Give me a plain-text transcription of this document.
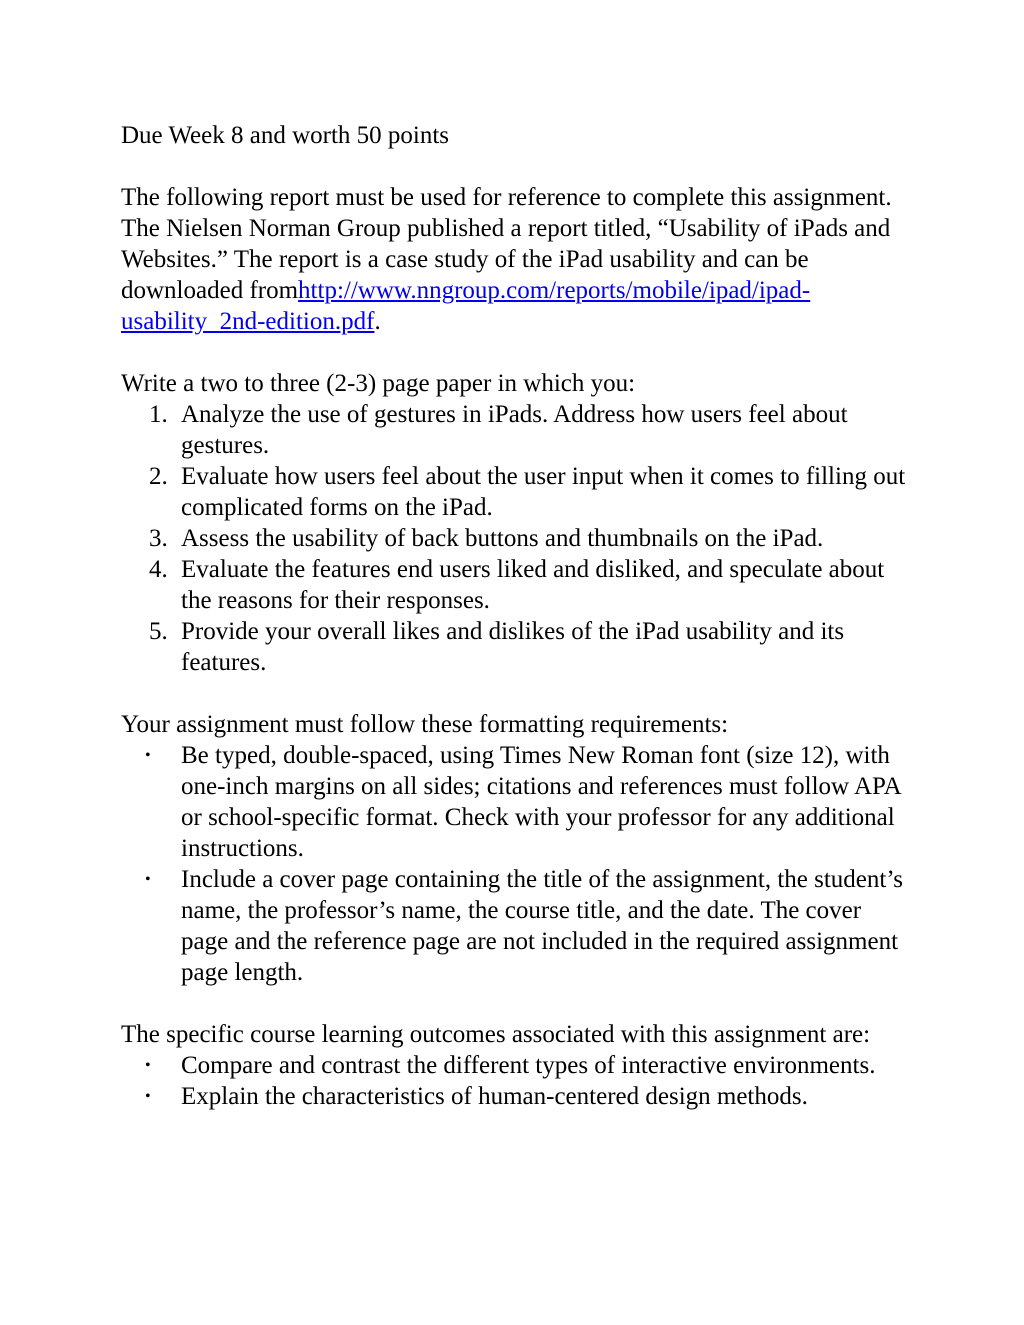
Due Week 8 and worth 50 points

The following report must be used for reference to complete this assignment. The Nielsen Norman Group published a report titled, “Usability of iPads and Websites.” The report is a case study of the iPad usability and can be downloaded fromhttp://www.nngroup.com/reports/mobile/ipad/ipad-usability_2nd-edition.pdf.

Write a two to three (2-3) page paper in which you:

1. Analyze the use of gestures in iPads. Address how users feel about gestures.
2. Evaluate how users feel about the user input when it comes to filling out complicated forms on the iPad.
3. Assess the usability of back buttons and thumbnails on the iPad.
4. Evaluate the features end users liked and disliked, and speculate about the reasons for their responses.
5. Provide your overall likes and dislikes of the iPad usability and its features.

Your assignment must follow these formatting requirements:

•	Be typed, double-spaced, using Times New Roman font (size 12), with one-inch margins on all sides; citations and references must follow APA or school-specific format. Check with your professor for any additional instructions.
•	Include a cover page containing the title of the assignment, the student’s name, the professor’s name, the course title, and the date. The cover page and the reference page are not included in the required assignment page length.

The specific course learning outcomes associated with this assignment are:

•	Compare and contrast the different types of interactive environments.
•	Explain the characteristics of human-centered design methods.
